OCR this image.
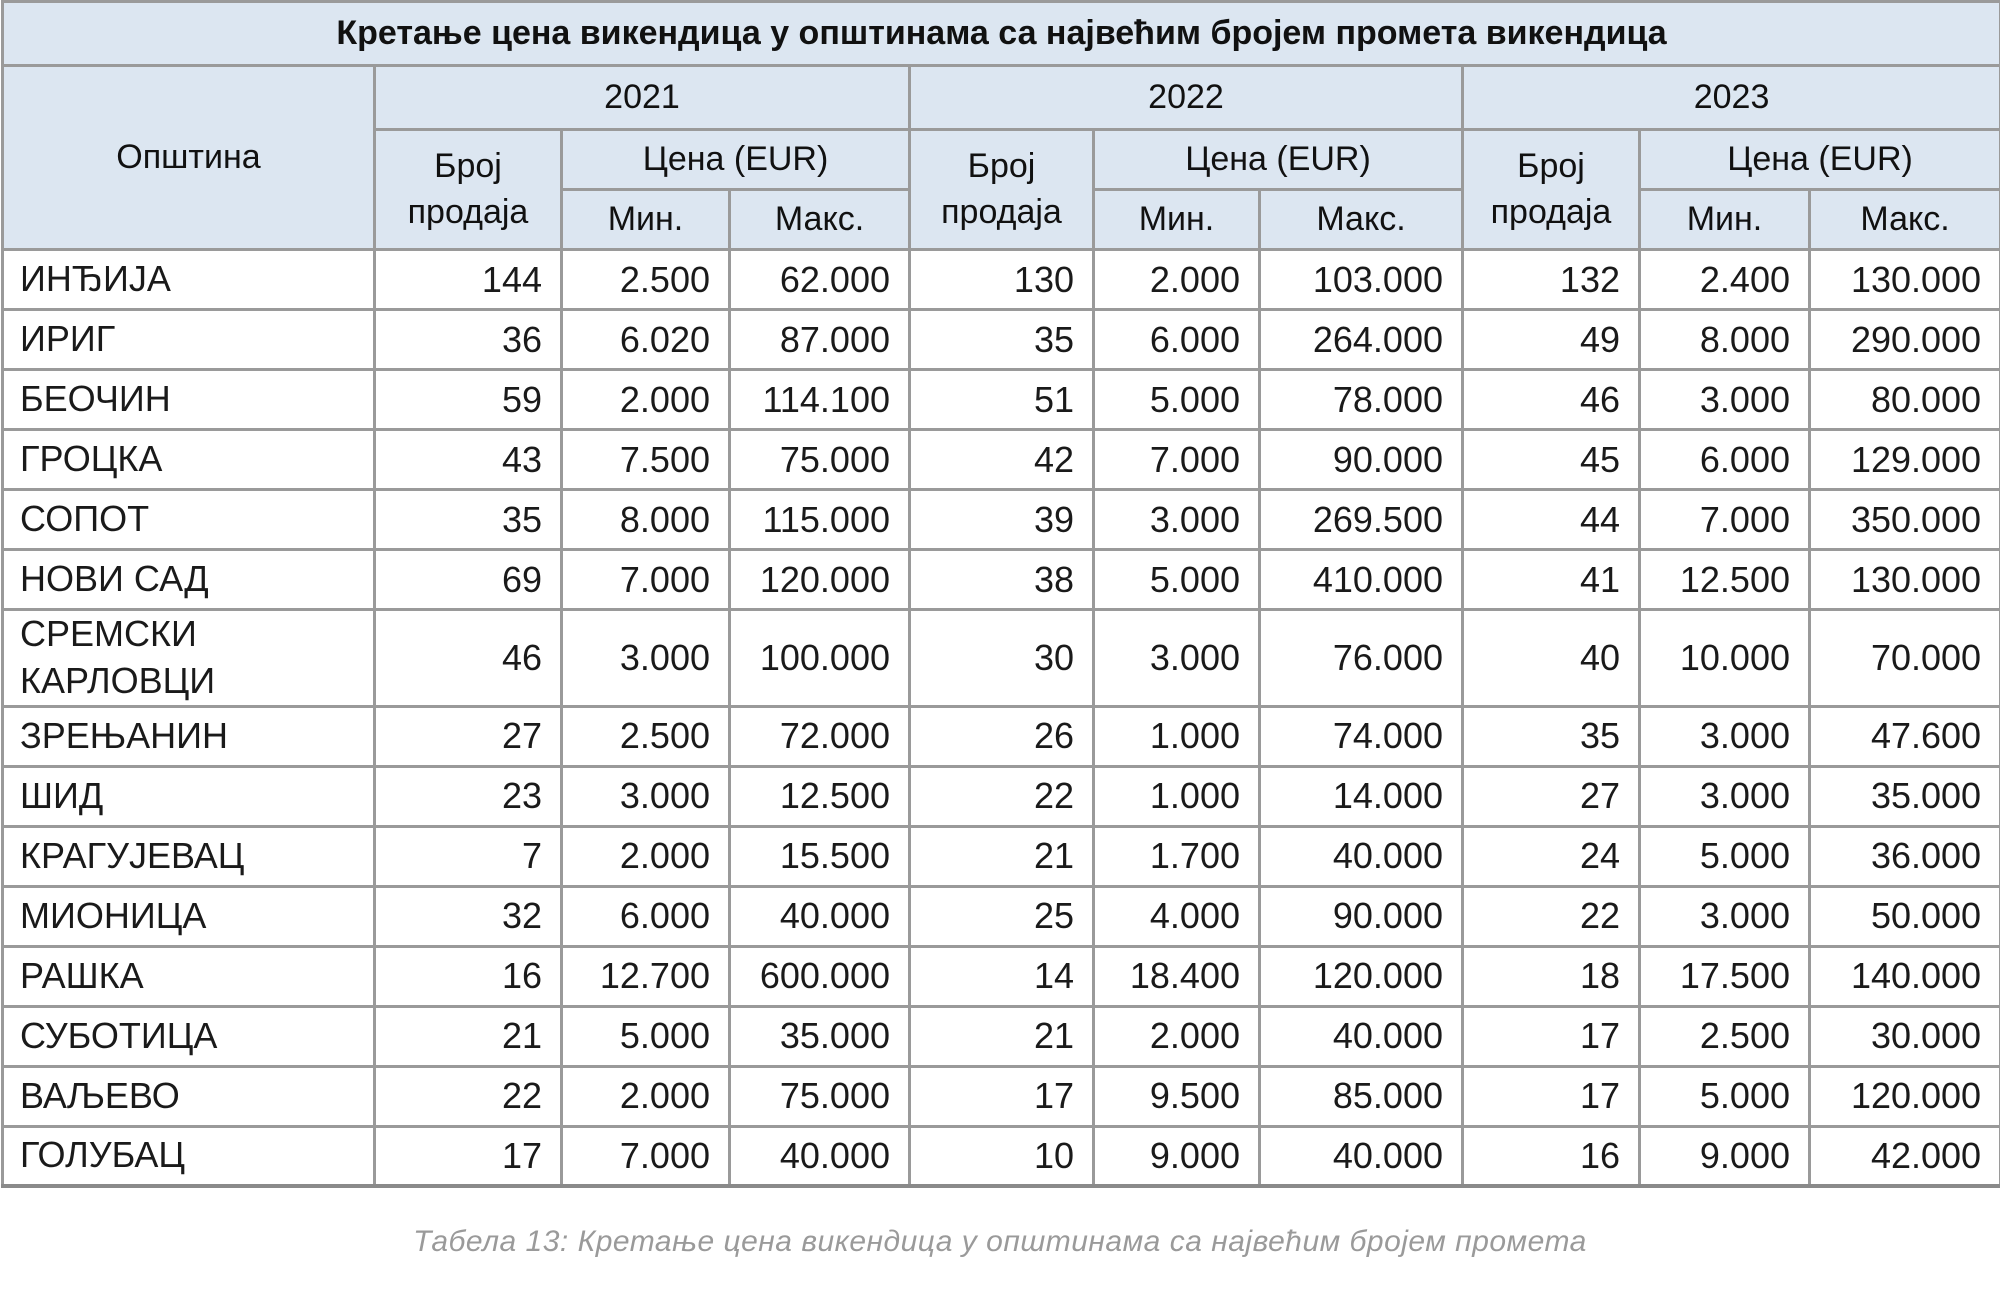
Кретање цена викендица у општинама са највећим бројем промета викендица									
Општина	2021			2022			2023		
	Број продаја	Цена (EUR)		Број продаја	Цена (EUR)		Број продаја	Цена (EUR)	
		Мин.	Макс.		Мин.	Макс.		Мин.	Макс.
ИНЂИЈА	144	2.500	62.000	130	2.000	103.000	132	2.400	130.000
ИРИГ	36	6.020	87.000	35	6.000	264.000	49	8.000	290.000
БЕОЧИН	59	2.000	114.100	51	5.000	78.000	46	3.000	80.000
ГРОЦКА	43	7.500	75.000	42	7.000	90.000	45	6.000	129.000
СОПОТ	35	8.000	115.000	39	3.000	269.500	44	7.000	350.000
НОВИ САД	69	7.000	120.000	38	5.000	410.000	41	12.500	130.000
СРЕМСКИ КАРЛОВЦИ	46	3.000	100.000	30	3.000	76.000	40	10.000	70.000
ЗРЕЊАНИН	27	2.500	72.000	26	1.000	74.000	35	3.000	47.600
ШИД	23	3.000	12.500	22	1.000	14.000	27	3.000	35.000
КРАГУЈЕВАЦ	7	2.000	15.500	21	1.700	40.000	24	5.000	36.000
МИОНИЦА	32	6.000	40.000	25	4.000	90.000	22	3.000	50.000
РАШКА	16	12.700	600.000	14	18.400	120.000	18	17.500	140.000
СУБОТИЦА	21	5.000	35.000	21	2.000	40.000	17	2.500	30.000
ВАЉЕВО	22	2.000	75.000	17	9.500	85.000	17	5.000	120.000
ГОЛУБАЦ	17	7.000	40.000	10	9.000	40.000	16	9.000	42.000
Табела 13: Кретање цена викендица у општинама са највећим бројем промета
